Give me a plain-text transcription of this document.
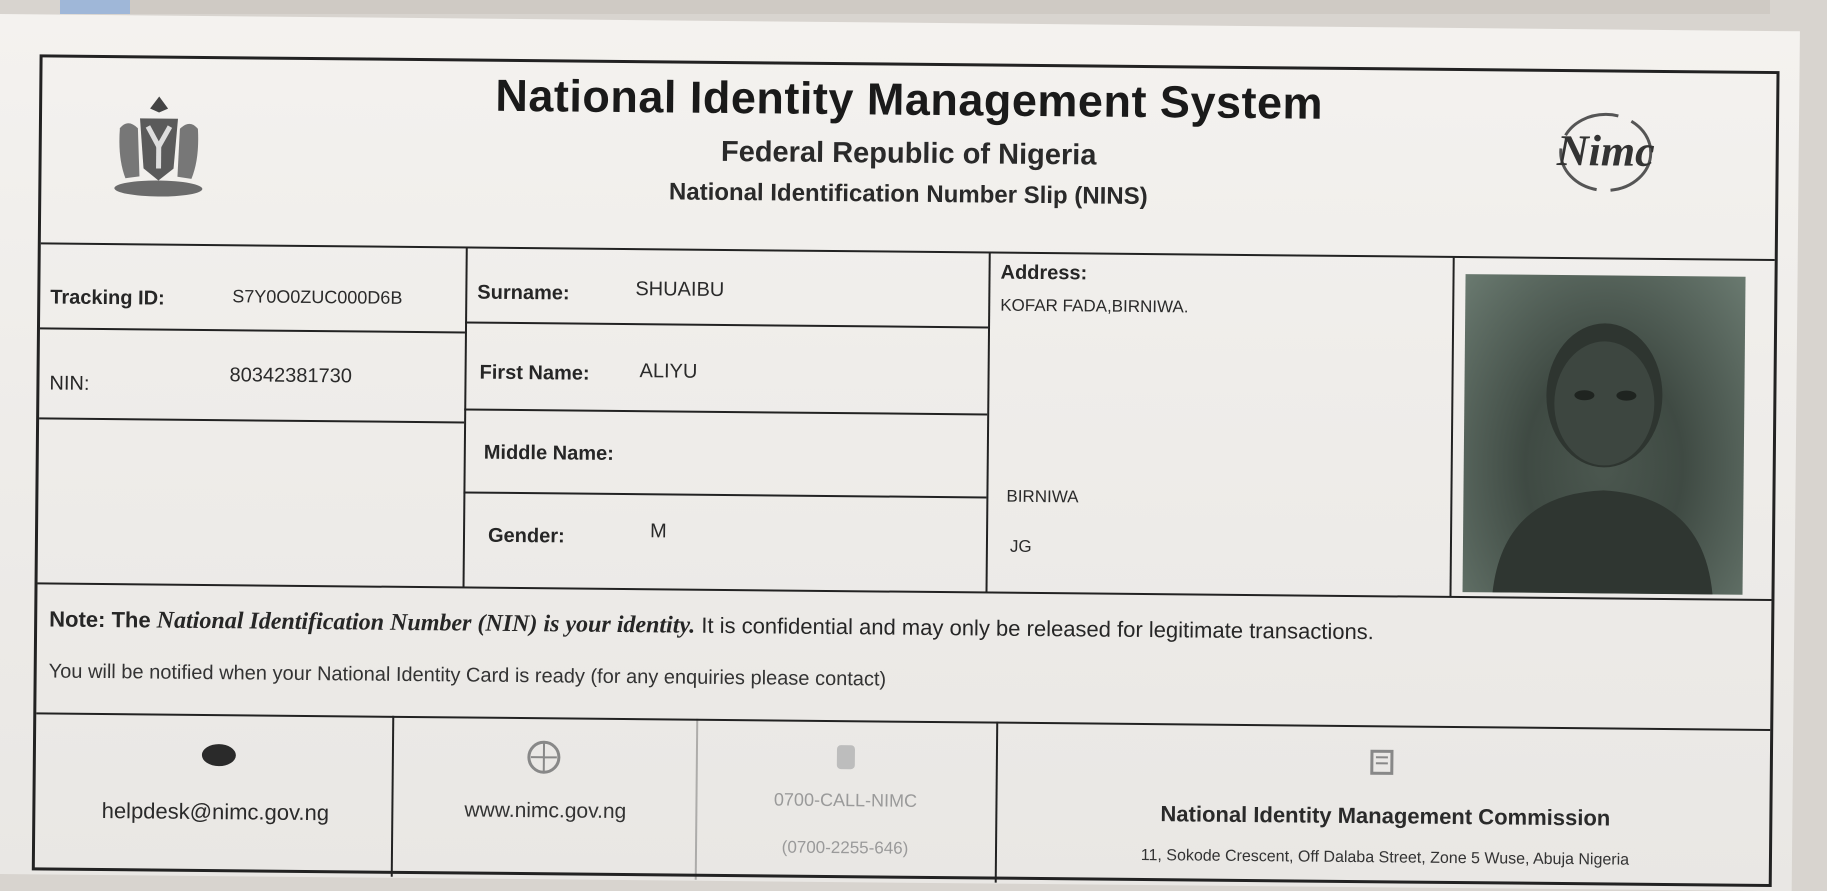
National Identity Management System
Federal Republic of Nigeria
National Identification Number Slip (NINS)
Nimc
Tracking ID:	S7Y0O0ZUC000D6B
NIN:	80342381730
Surname:	SHUAIBU
First Name: ALIYU
Middle Name:
Gender:	M
Address:
KOFAR FADA,BIRNIWA.
BIRNIWA
JG
Note: The National Identification Number (NIN) is your identity. It is confidential and may only be released for legitimate transactions.
You will be notified when your National Identity Card is ready (for any enquiries please contact)
helpdesk@nimc.gov.ng	www.nimc.gov.ng	0700-CALL-NIMC
(0700-2255-646)
National Identity Management Commission
11, Sokode Crescent, Off Dalaba Street, Zone 5 Wuse, Abuja Nigeria
